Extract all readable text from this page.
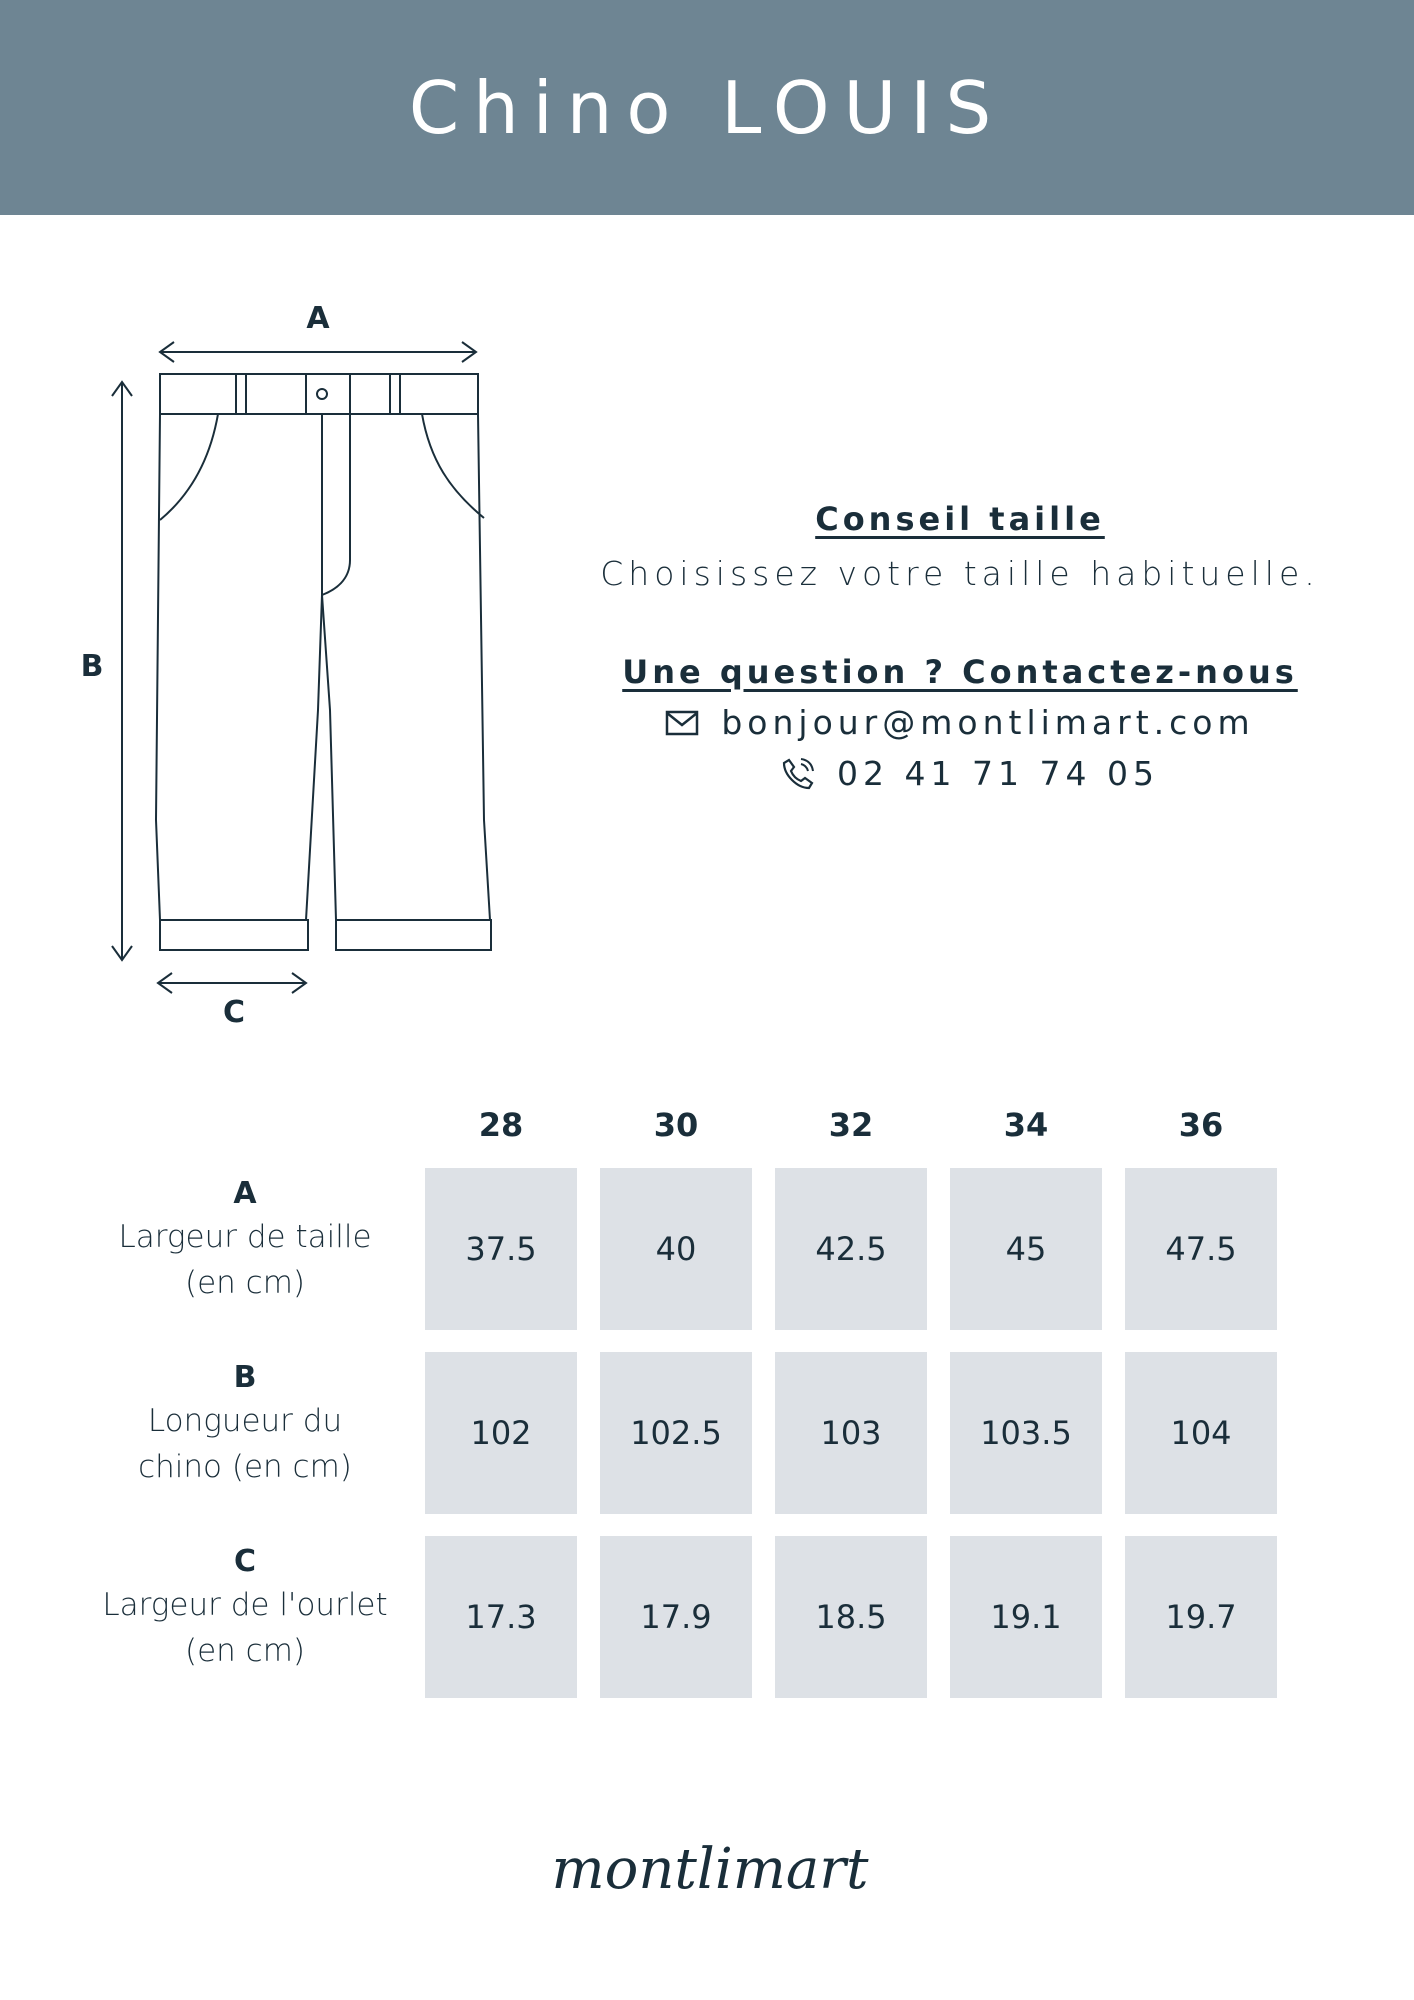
Chino LOUIS
A
B
C
Conseil taille
Choisissez votre taille habituelle.
Une question ? Contactez-nous
bonjour@montlimart.com
02 41 71 74 05
28	30	32	34	36
A
Largeur de taille
(en cm)
37.5	40	42.5	45	47.5
B
Longueur du
chino (en cm)
102	102.5	103	103.5	104
C
Largeur de l'ourlet
(en cm)
17.3	17.9	18.5	19.1	19.7
montlimart
